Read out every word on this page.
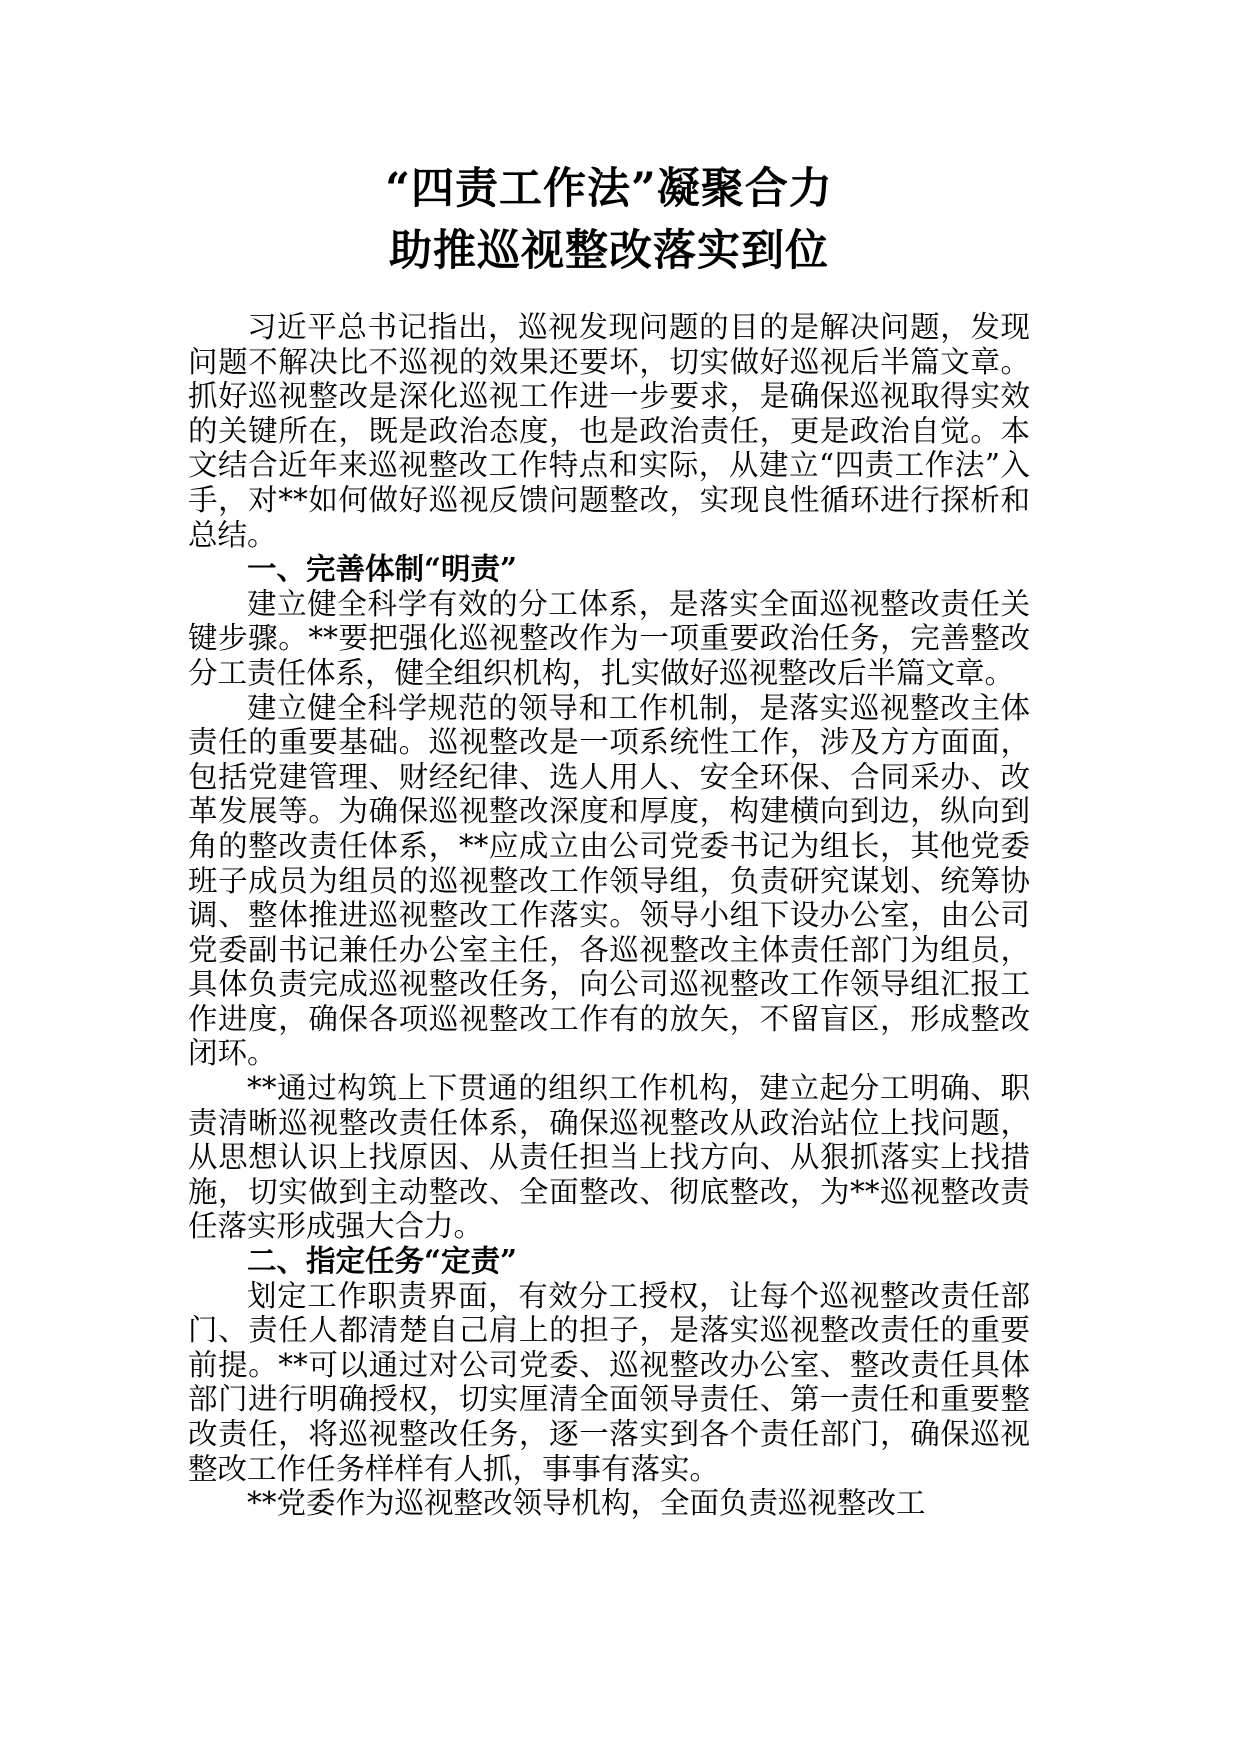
“四责工作法”凝聚合力
助推巡视整改落实到位

习近平总书记指出，巡视发现问题的目的是解决问题，发现问题不解决比不巡视的效果还要坏，切实做好巡视后半篇文章。抓好巡视整改是深化巡视工作进一步要求，是确保巡视取得实效的关键所在，既是政治态度，也是政治责任，更是政治自觉。本文结合近年来巡视整改工作特点和实际，从建立“四责工作法”入手，对**如何做好巡视反馈问题整改，实现良性循环进行探析和总结。

一、完善体制“明责”

建立健全科学有效的分工体系，是落实全面巡视整改责任关键步骤。**要把强化巡视整改作为一项重要政治任务，完善整改分工责任体系，健全组织机构，扎实做好巡视整改后半篇文章。

建立健全科学规范的领导和工作机制，是落实巡视整改主体责任的重要基础。巡视整改是一项系统性工作，涉及方方面面，包括党建管理、财经纪律、选人用人、安全环保、合同采办、改革发展等。为确保巡视整改深度和厚度，构建横向到边，纵向到角的整改责任体系，**应成立由公司党委书记为组长，其他党委班子成员为组员的巡视整改工作领导组，负责研究谋划、统筹协调、整体推进巡视整改工作落实。领导小组下设办公室，由公司党委副书记兼任办公室主任，各巡视整改主体责任部门为组员，具体负责完成巡视整改任务，向公司巡视整改工作领导组汇报工作进度，确保各项巡视整改工作有的放矢，不留盲区，形成整改闭环。

**通过构筑上下贯通的组织工作机构，建立起分工明确、职责清晰巡视整改责任体系，确保巡视整改从政治站位上找问题，从思想认识上找原因、从责任担当上找方向、从狠抓落实上找措施，切实做到主动整改、全面整改、彻底整改，为**巡视整改责任落实形成强大合力。

二、指定任务“定责”

划定工作职责界面，有效分工授权，让每个巡视整改责任部门、责任人都清楚自己肩上的担子，是落实巡视整改责任的重要前提。**可以通过对公司党委、巡视整改办公室、整改责任具体部门进行明确授权，切实厘清全面领导责任、第一责任和重要整改责任，将巡视整改任务，逐一落实到各个责任部门，确保巡视整改工作任务样样有人抓，事事有落实。

**党委作为巡视整改领导机构，全面负责巡视整改工
